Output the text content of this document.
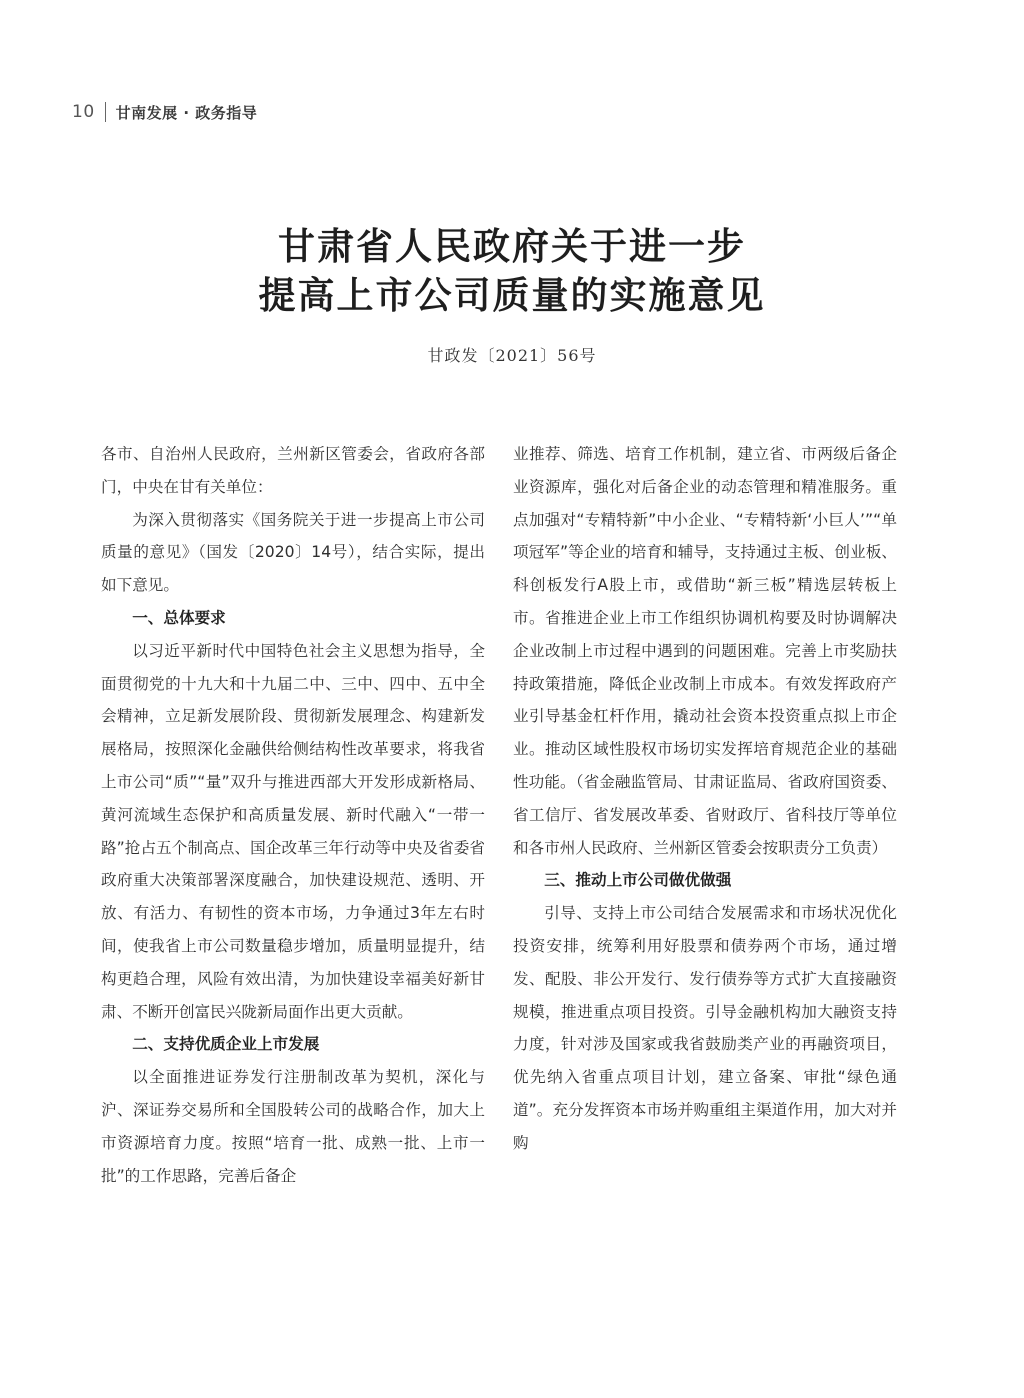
10 甘南发展 · 政务指导
甘肃省人民政府关于进一步
提高上市公司质量的实施意见
甘政发〔2021〕56号

各市、自治州人民政府，兰州新区管委会，省政府各部门，中央在甘有关单位：

为深入贯彻落实《国务院关于进一步提高上市公司质量的意见》（国发〔2020〕14号），结合实际，提出如下意见。

一、总体要求

以习近平新时代中国特色社会主义思想为指导，全面贯彻党的十九大和十九届二中、三中、四中、五中全会精神，立足新发展阶段、贯彻新发展理念、构建新发展格局，按照深化金融供给侧结构性改革要求，将我省上市公司“质”“量”双升与推进西部大开发形成新格局、黄河流域生态保护和高质量发展、新时代融入“一带一路”抢占五个制高点、国企改革三年行动等中央及省委省政府重大决策部署深度融合，加快建设规范、透明、开放、有活力、有韧性的资本市场，力争通过3年左右时间，使我省上市公司数量稳步增加，质量明显提升，结构更趋合理，风险有效出清，为加快建设幸福美好新甘肃、不断开创富民兴陇新局面作出更大贡献。

二、支持优质企业上市发展

以全面推进证券发行注册制改革为契机，深化与沪、深证券交易所和全国股转公司的战略合作，加大上市资源培育力度。按照“培育一批、成熟一批、上市一批”的工作思路，完善后备企

业推荐、筛选、培育工作机制，建立省、市两级后备企业资源库，强化对后备企业的动态管理和精准服务。重点加强对“专精特新”中小企业、“专精特新‘小巨人’”“单项冠军”等企业的培育和辅导，支持通过主板、创业板、科创板发行A股上市，或借助“新三板”精选层转板上市。省推进企业上市工作组织协调机构要及时协调解决企业改制上市过程中遇到的问题困难。完善上市奖励扶持政策措施，降低企业改制上市成本。有效发挥政府产业引导基金杠杆作用，撬动社会资本投资重点拟上市企业。推动区域性股权市场切实发挥培育规范企业的基础性功能。（省金融监管局、甘肃证监局、省政府国资委、省工信厅、省发展改革委、省财政厅、省科技厅等单位和各市州人民政府、兰州新区管委会按职责分工负责）

三、推动上市公司做优做强

引导、支持上市公司结合发展需求和市场状况优化投资安排，统筹利用好股票和债券两个市场，通过增发、配股、非公开发行、发行债券等方式扩大直接融资规模，推进重点项目投资。引导金融机构加大融资支持力度，针对涉及国家或我省鼓励类产业的再融资项目，优先纳入省重点项目计划，建立备案、审批“绿色通道”。充分发挥资本市场并购重组主渠道作用，加大对并购
